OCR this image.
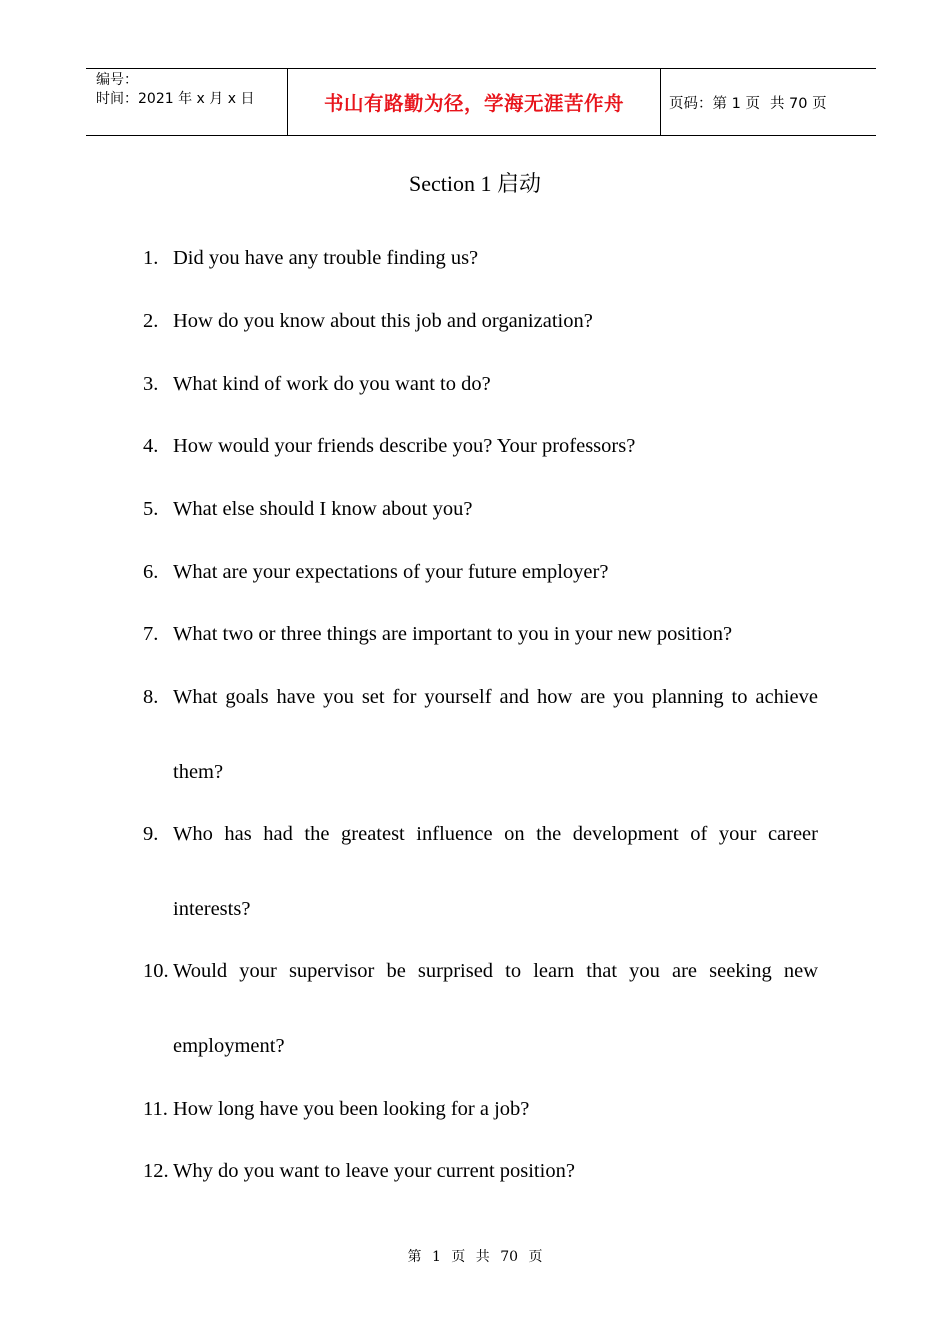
编号：
时间：2021 年 x 月 x 日	书山有路勤为径，学海无涯苦作舟	页码：第 1 页 共 70 页
Section 1 启动
1. Did you have any trouble finding us?
2. How do you know about this job and organization?
3. What kind of work do you want to do?
4. How would your friends describe you? Your professors?
5. What else should I know about you?
6. What are your expectations of your future employer?
7. What two or three things are important to you in your new position?
8. What goals have you set for yourself and how are you planning to achieve them?
9. Who has had the greatest influence on the development of your career interests?
10. Would your supervisor be surprised to learn that you are seeking new employment?
11. How long have you been looking for a job?
12. Why do you want to leave your current position?
第 1 页 共 70 页
